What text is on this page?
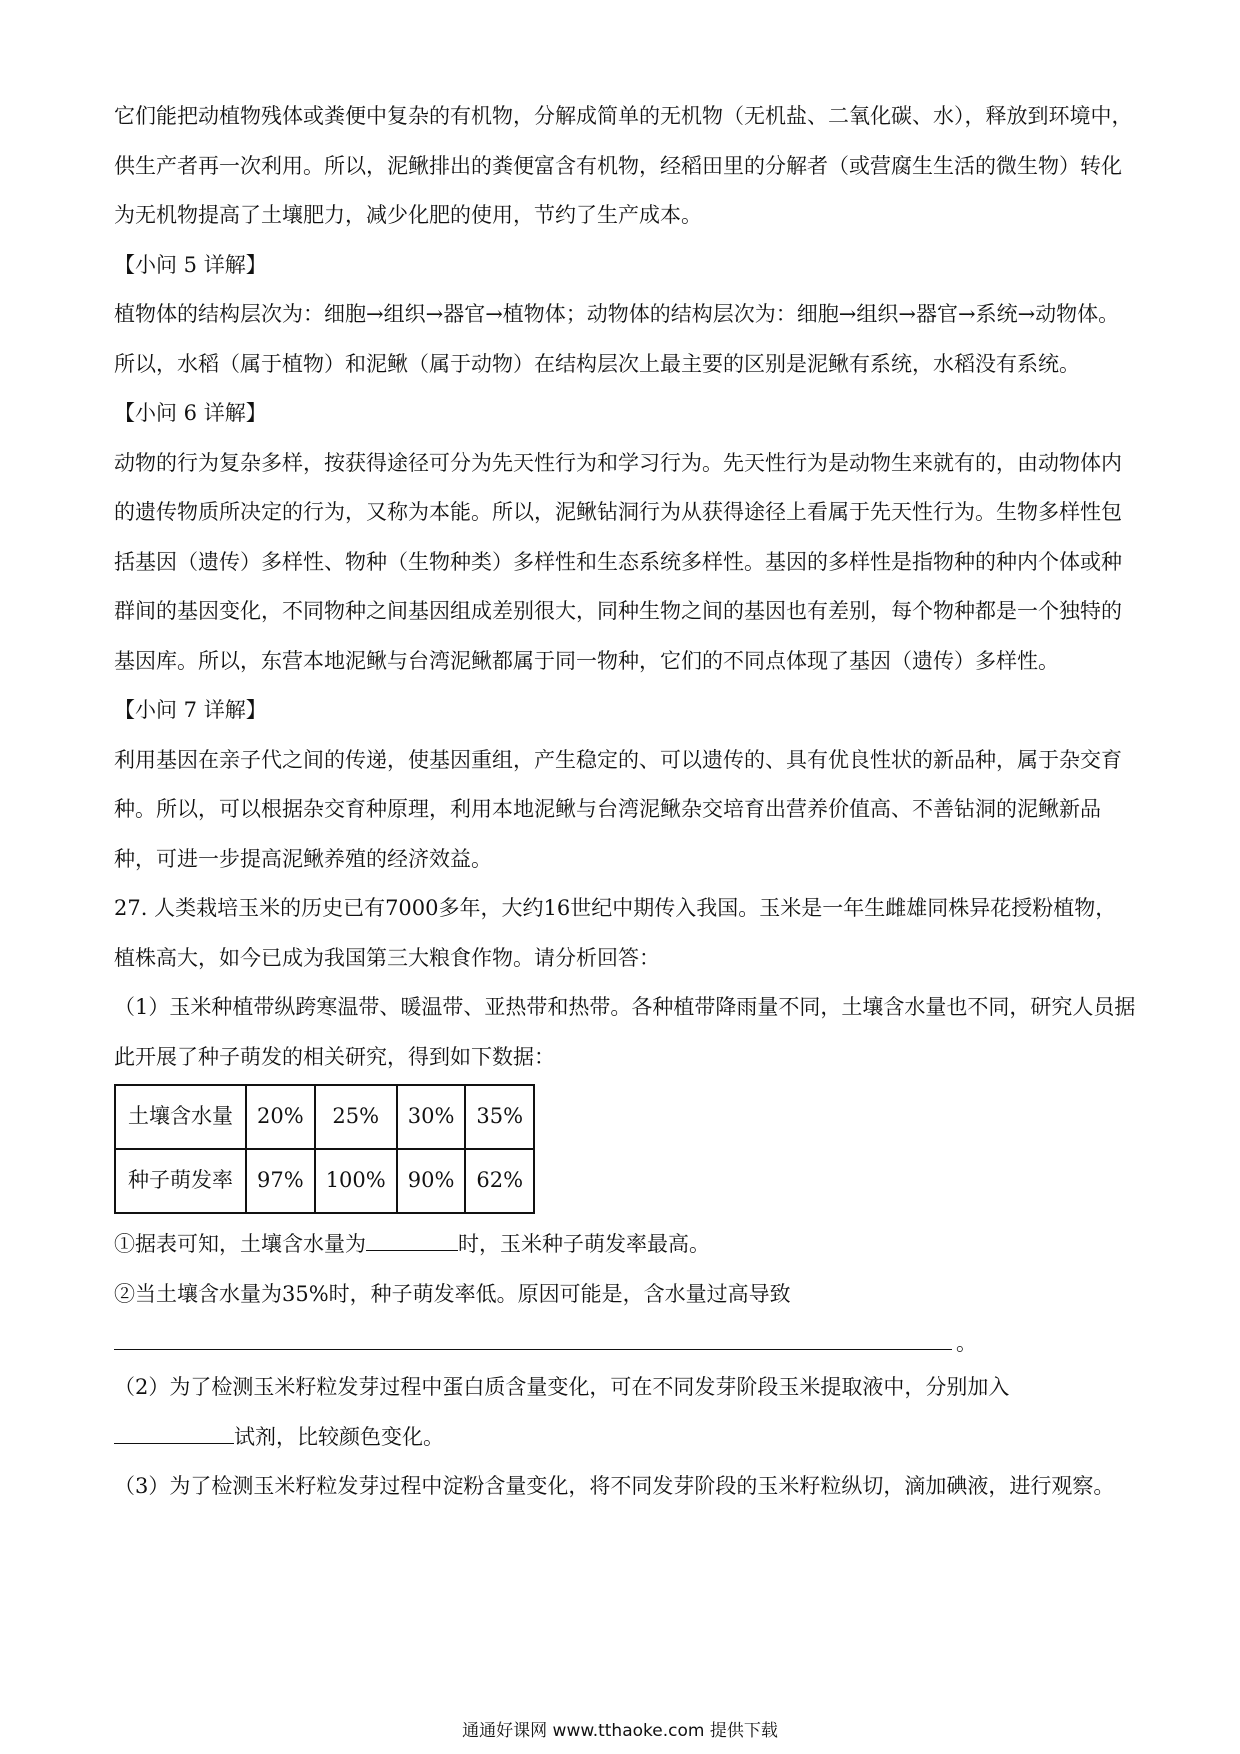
它们能把动植物残体或粪便中复杂的有机物，分解成简单的无机物（无机盐、二氧化碳、水），释放到环境中，供生产者再一次利用。所以，泥鳅排出的粪便富含有机物，经稻田里的分解者（或营腐生生活的微生物）转化为无机物提高了土壤肥力，减少化肥的使用，节约了生产成本。

【小问 5 详解】

植物体的结构层次为：细胞→组织→器官→植物体；动物体的结构层次为：细胞→组织→器官→系统→动物体。所以，水稻（属于植物）和泥鳅（属于动物）在结构层次上最主要的区别是泥鳅有系统，水稻没有系统。

【小问 6 详解】

动物的行为复杂多样，按获得途径可分为先天性行为和学习行为。先天性行为是动物生来就有的，由动物体内的遗传物质所决定的行为，又称为本能。所以，泥鳅钻洞行为从获得途径上看属于先天性行为。生物多样性包括基因（遗传）多样性、物种（生物种类）多样性和生态系统多样性。基因的多样性是指物种的种内个体或种群间的基因变化，不同物种之间基因组成差别很大，同种生物之间的基因也有差别，每个物种都是一个独特的基因库。所以，东营本地泥鳅与台湾泥鳅都属于同一物种，它们的不同点体现了基因（遗传）多样性。

【小问 7 详解】

利用基因在亲子代之间的传递，使基因重组，产生稳定的、可以遗传的、具有优良性状的新品种，属于杂交育种。所以，可以根据杂交育种原理，利用本地泥鳅与台湾泥鳅杂交培育出营养价值高、不善钻洞的泥鳅新品种，可进一步提高泥鳅养殖的经济效益。

27. 人类栽培玉米的历史已有7000多年，大约16世纪中期传入我国。玉米是一年生雌雄同株异花授粉植物，植株高大，如今已成为我国第三大粮食作物。请分析回答：

（1）玉米种植带纵跨寒温带、暖温带、亚热带和热带。各种植带降雨量不同，土壤含水量也不同，研究人员据此开展了种子萌发的相关研究，得到如下数据：

土壤含水量	20%	25%	30%	35%
种子萌发率	97%	100%	90%	62%

①据表可知，土壤含水量为	时，玉米种子萌发率最高。

②当土壤含水量为35%时，种子萌发率低。原因可能是，含水量过高导致

。

（2）为了检测玉米籽粒发芽过程中蛋白质含量变化，可在不同发芽阶段玉米提取液中，分别加入

试剂，比较颜色变化。

（3）为了检测玉米籽粒发芽过程中淀粉含量变化，将不同发芽阶段的玉米籽粒纵切，滴加碘液，进行观察。

通通好课网 www.tthaoke.com 提供下载
